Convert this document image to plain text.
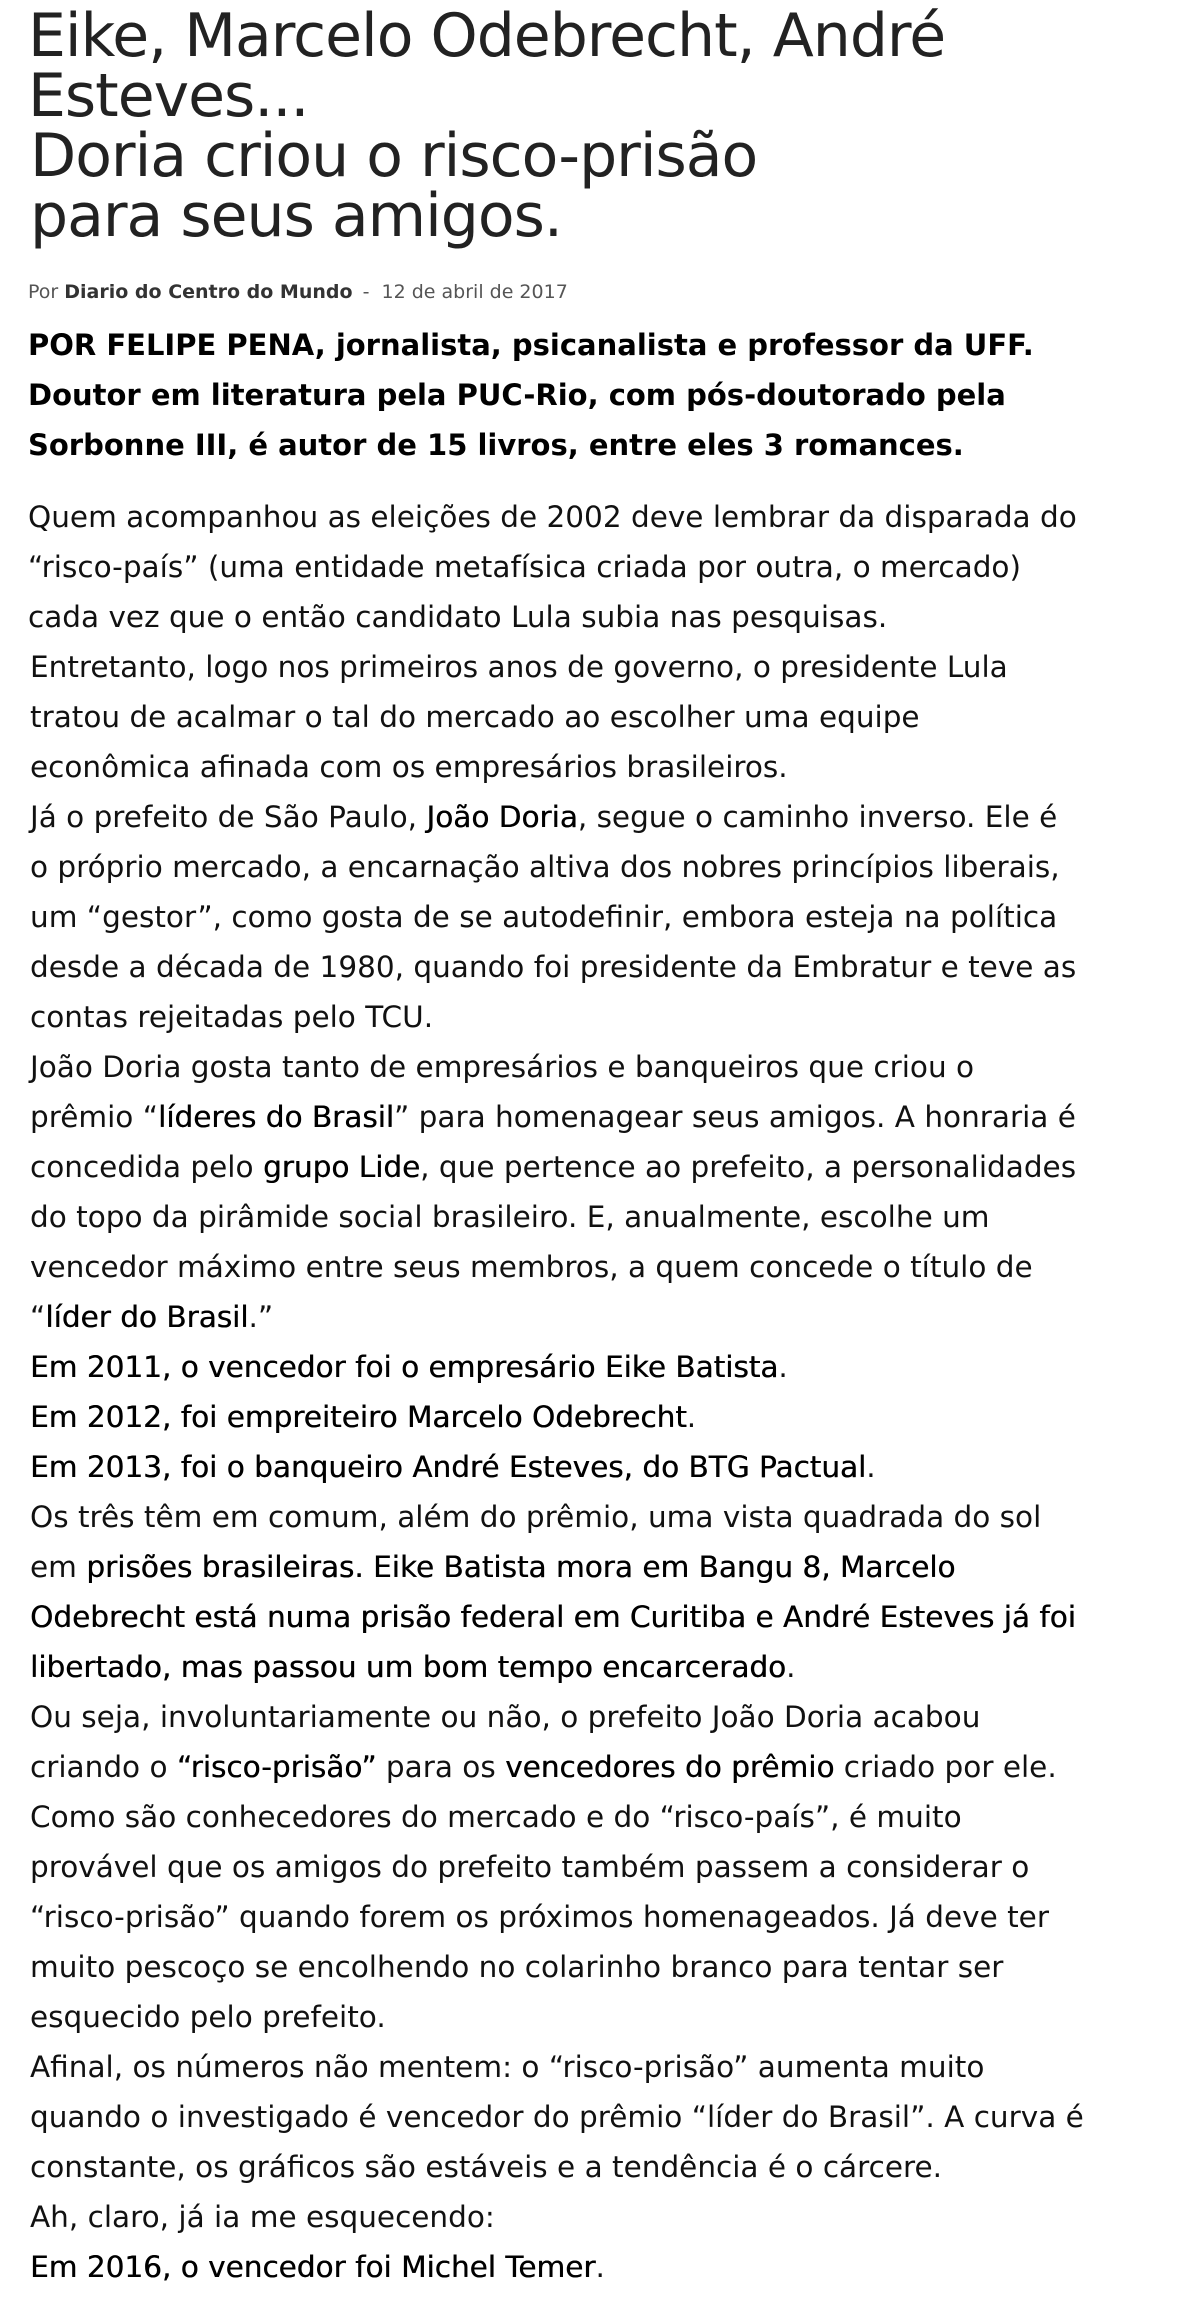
Eike, Marcelo Odebrecht, André
Esteves...
Doria criou o risco-prisão
para seus amigos.
Por Diario do Centro do Mundo - 12 de abril de 2017
POR FELIPE PENA, jornalista, psicanalista e professor da UFF.
Doutor em literatura pela PUC-Rio, com pós-doutorado pela
Sorbonne III, é autor de 15 livros, entre eles 3 romances.
Quem acompanhou as eleições de 2002 deve lembrar da disparada do
“risco-país” (uma entidade metafísica criada por outra, o mercado)
cada vez que o então candidato Lula subia nas pesquisas.
Entretanto, logo nos primeiros anos de governo, o presidente Lula
tratou de acalmar o tal do mercado ao escolher uma equipe
econômica afinada com os empresários brasileiros.
Já o prefeito de São Paulo, João Doria, segue o caminho inverso. Ele é
o próprio mercado, a encarnação altiva dos nobres princípios liberais,
um “gestor”, como gosta de se autodefinir, embora esteja na política
desde a década de 1980, quando foi presidente da Embratur e teve as
contas rejeitadas pelo TCU.
João Doria gosta tanto de empresários e banqueiros que criou o
prêmio “líderes do Brasil” para homenagear seus amigos. A honraria é
concedida pelo grupo Lide, que pertence ao prefeito, a personalidades
do topo da pirâmide social brasileiro. E, anualmente, escolhe um
vencedor máximo entre seus membros, a quem concede o título de
“líder do Brasil.”
Em 2011, o vencedor foi o empresário Eike Batista.
Em 2012, foi empreiteiro Marcelo Odebrecht.
Em 2013, foi o banqueiro André Esteves, do BTG Pactual.
Os três têm em comum, além do prêmio, uma vista quadrada do sol
em prisões brasileiras. Eike Batista mora em Bangu 8, Marcelo
Odebrecht está numa prisão federal em Curitiba e André Esteves já foi
libertado, mas passou um bom tempo encarcerado.
Ou seja, involuntariamente ou não, o prefeito João Doria acabou
criando o “risco-prisão” para os vencedores do prêmio criado por ele.
Como são conhecedores do mercado e do “risco-país”, é muito
provável que os amigos do prefeito também passem a considerar o
“risco-prisão” quando forem os próximos homenageados. Já deve ter
muito pescoço se encolhendo no colarinho branco para tentar ser
esquecido pelo prefeito.
Afinal, os números não mentem: o “risco-prisão” aumenta muito
quando o investigado é vencedor do prêmio “líder do Brasil”. A curva é
constante, os gráficos são estáveis e a tendência é o cárcere.
Ah, claro, já ia me esquecendo:
Em 2016, o vencedor foi Michel Temer.
